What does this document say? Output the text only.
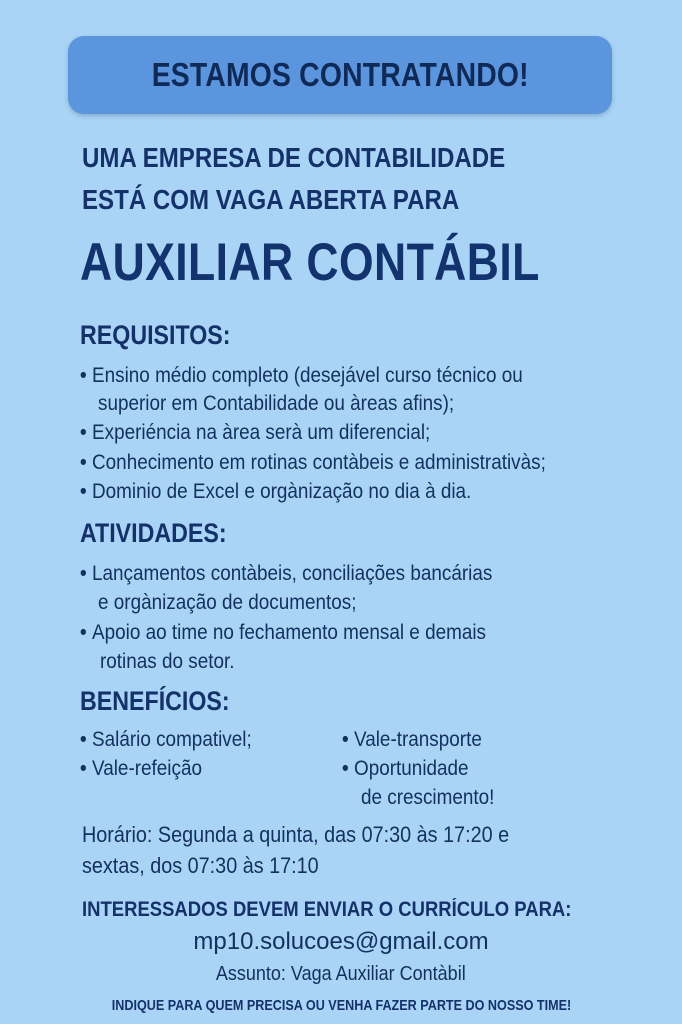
ESTAMOS CONTRATANDO!
UMA EMPRESA DE CONTABILIDADE
ESTÁ COM VAGA ABERTA PARA
AUXILIAR CONTÁBIL
REQUISITOS:
• Ensino médio completo (desejável curso técnico ou
superior em Contabilidade ou àreas afins);
• Experiéncia na àrea serà um diferencial;
• Conhecimento em rotinas contàbeis e administrativàs;
• Dominio de Excel e orgànização no dia à dia.
ATIVIDADES:
• Lançamentos contàbeis, conciliações bancárias
e orgànização de documentos;
• Apoio ao time no fechamento mensal e demais
rotinas do setor.
BENEFÍCIOS:
• Salário compativel;
• Vale-refeição
• Vale-transporte
• Oportunidade
de crescimento!
Horário: Segunda a quinta, das 07:30 às 17:20 e
sextas, dos 07:30 às 17:10
INTERESSADOS DEVEM ENVIAR O CURRÍCULO PARA:
mp10.solucoes@gmail.com
Assunto: Vaga Auxiliar Contàbil
INDIQUE PARA QUEM PRECISA OU VENHA FAZER PARTE DO NOSSO TIME!
